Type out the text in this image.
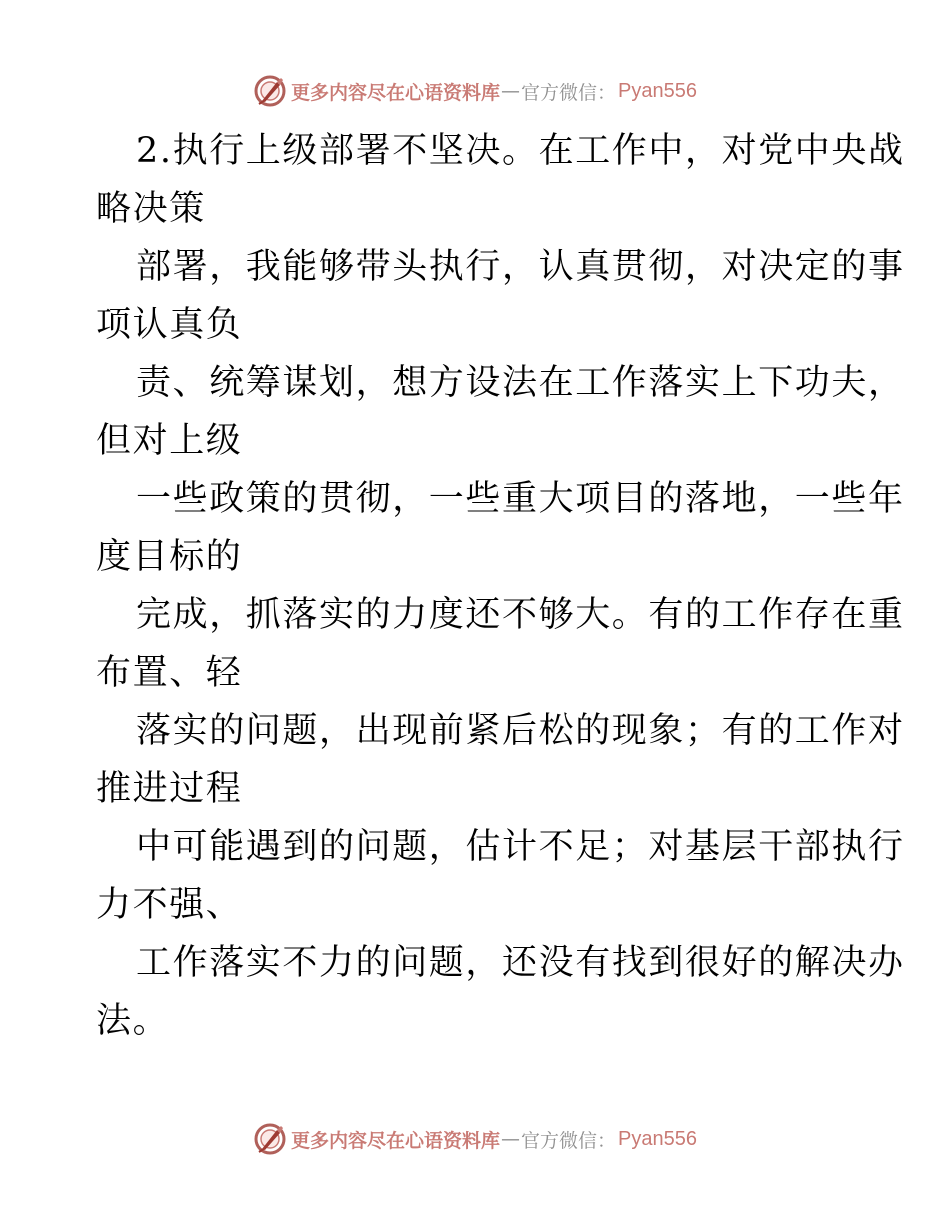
更多内容尽在心语资料库 — 官方微信： Pyan556
2.执行上级部署不坚决。在工作中，对党中央战
略决策
部署，我能够带头执行，认真贯彻，对决定的事
项认真负
责、统筹谋划，想方设法在工作落实上下功夫，
但对上级
一些政策的贯彻，一些重大项目的落地，一些年
度目标的
完成，抓落实的力度还不够大。有的工作存在重
布置、轻
落实的问题，出现前紧后松的现象；有的工作对
推进过程
中可能遇到的问题，估计不足；对基层干部执行
力不强、
工作落实不力的问题，还没有找到很好的解决办
法。
更多内容尽在心语资料库 — 官方微信： Pyan556
